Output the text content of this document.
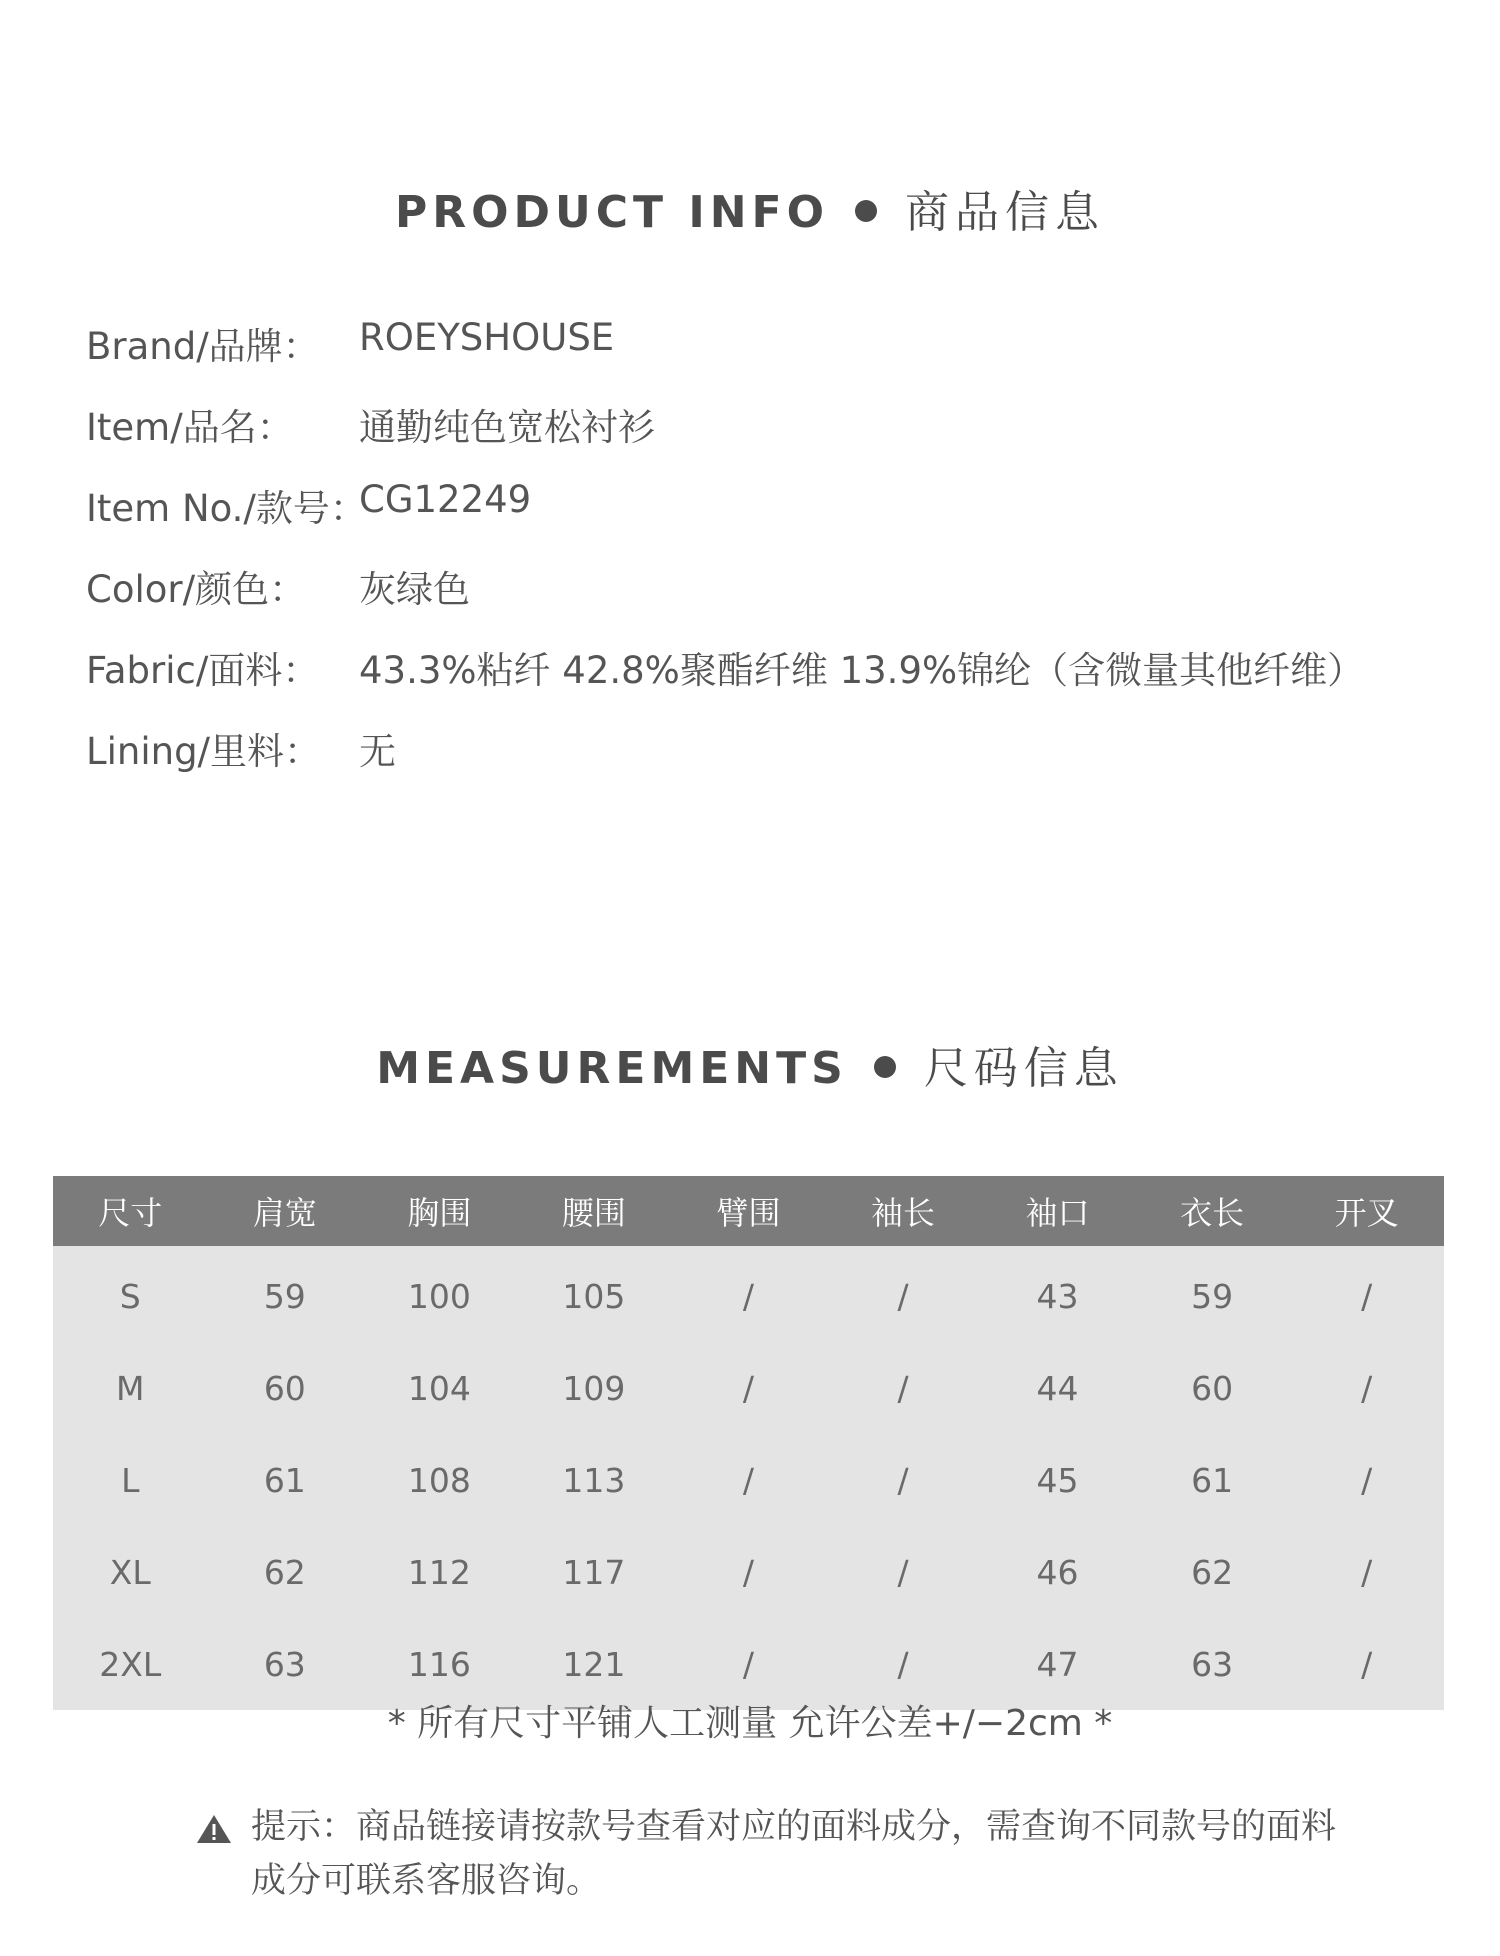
PRODUCT INFO 商品信息
Brand/品牌： ROEYSHOUSE
Item/品名： 通勤纯色宽松衬衫
Item No./款号：
CG12249
Color/颜色： 灰绿色
Fabric/面料： 43.3%粘纤 42.8%聚酯纤维 13.9%锦纶（含微量其他纤维）
Lining/里料： 无
MEASUREMENTS 尺码信息
尺寸	肩宽	胸围	腰围	臂围	袖长	袖口	衣长	开叉
S	59	100	105	/	/	43	59	/
M	60	104	109	/	/	44	60	/
L	61	108	113	/	/	45	61	/
XL	62	112	117	/	/	46	62	/
2XL	63	116	121	/	/	47	63	/
* 所有尺寸平铺人工测量 允许公差+/−2cm *
提示：商品链接请按款号查看对应的面料成分，需查询不同款号的面料成分可联系客服咨询。
